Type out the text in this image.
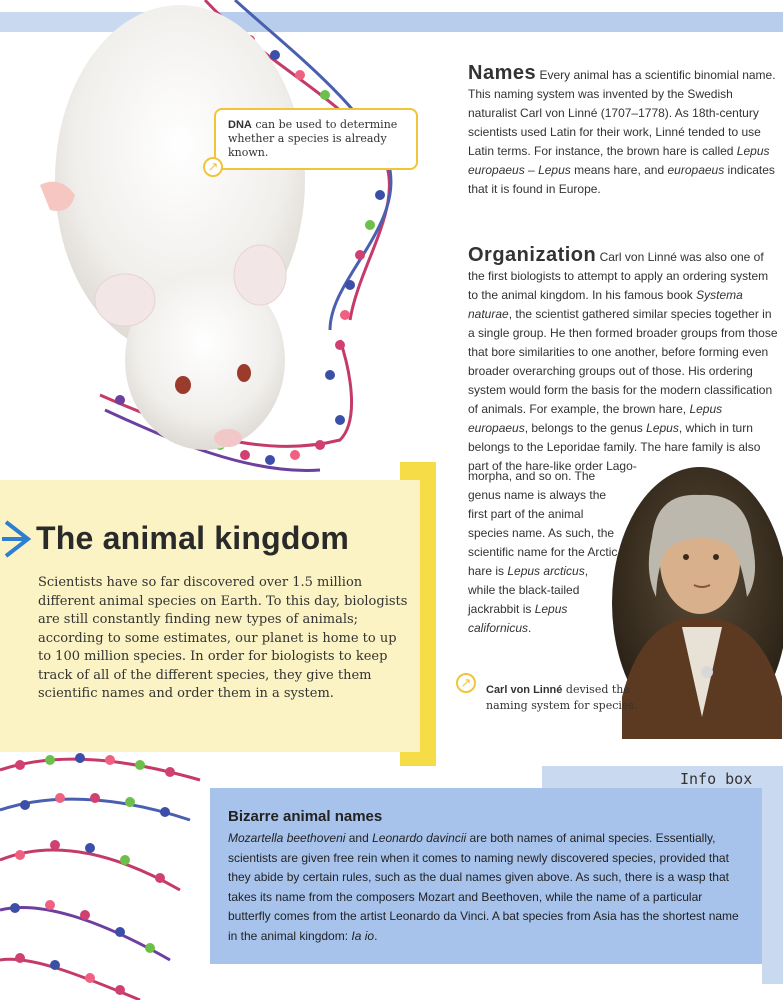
DNA can be used to determine whether a species is already known.
↗
Names Every animal has a scientific binomial name. This naming system was invented by the Swedish naturalist Carl von Linné (1707–1778). As 18th-century scientists used Latin for their work, Linné tended to use Latin terms. For instance, the brown hare is called Lepus europaeus – Lepus means hare, and europaeus indicates that it is found in Europe.
Organization Carl von Linné was also one of the first biologists to attempt to apply an ordering system to the animal kingdom. In his famous book Systema naturae, the scientist gathered similar species together in a single group. He then formed broader groups from those that bore similarities to one another, before forming even broader overarching groups out of those. His ordering system would form the basis for the modern classification of animals. For example, the brown hare, Lepus europaeus, belongs to the genus Lepus, which in turn belongs to the Leporidae family. The hare family is also part of the hare-like order Lago-
morpha, and so on. The genus name is always the first part of the animal species name. As such, the scientific name for the Arctic hare is Lepus arcticus, while the black-tailed jackrabbit is Lepus californicus.
↗	Carl von Linné devised the naming system for species.
The animal kingdom
Scientists have so far discovered over 1.5 million different animal species on Earth. To this day, biologists are still constantly finding new types of animals; according to some estimates, our planet is home to up to 100 million species. In order for biologists to keep track of all of the different species, they give them scientific names and order them in a system.
Info box
Bizarre animal names
Mozartella beethoveni and Leonardo davincii are both names of animal species. Essentially, scientists are given free rein when it comes to naming newly discovered species, provided that they abide by certain rules, such as the dual names given above. As such, there is a wasp that takes its name from the composers Mozart and Beethoven, while the name of a particular butterfly comes from the artist Leonardo da Vinci. A bat species from Asia has the shortest name in the animal kingdom: Ia io.
